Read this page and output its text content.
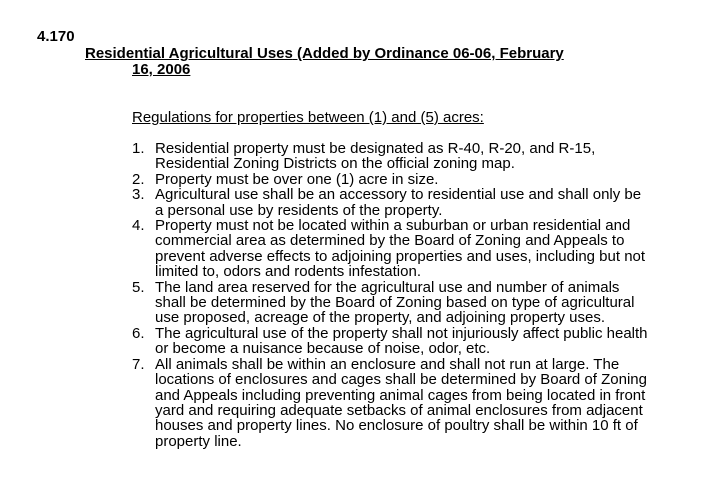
4.170
Residential Agricultural Uses (Added by Ordinance 06-06, February
16, 2006
Regulations for properties between (1) and (5) acres:
1. Residential property must be designated as R-40, R-20, and R-15, Residential Zoning Districts on the official zoning map.
2. Property must be over one (1) acre in size.
3. Agricultural use shall be an accessory to residential use and shall only be a personal use by residents of the property.
4. Property must not be located within a suburban or urban residential and commercial area as determined by the Board of Zoning and Appeals to prevent adverse effects to adjoining properties and uses, including but not limited to, odors and rodents infestation.
5. The land area reserved for the agricultural use and number of animals shall be determined by the Board of Zoning based on type of agricultural use proposed, acreage of the property, and adjoining property uses.
6. The agricultural use of the property shall not injuriously affect public health or become a nuisance because of noise, odor, etc.
7. All animals shall be within an enclosure and shall not run at large. The locations of enclosures and cages shall be determined by Board of Zoning and Appeals including preventing animal cages from being located in front yard and requiring adequate setbacks of animal enclosures from adjacent houses and property lines. No enclosure of poultry shall be within 10 ft of property line.
